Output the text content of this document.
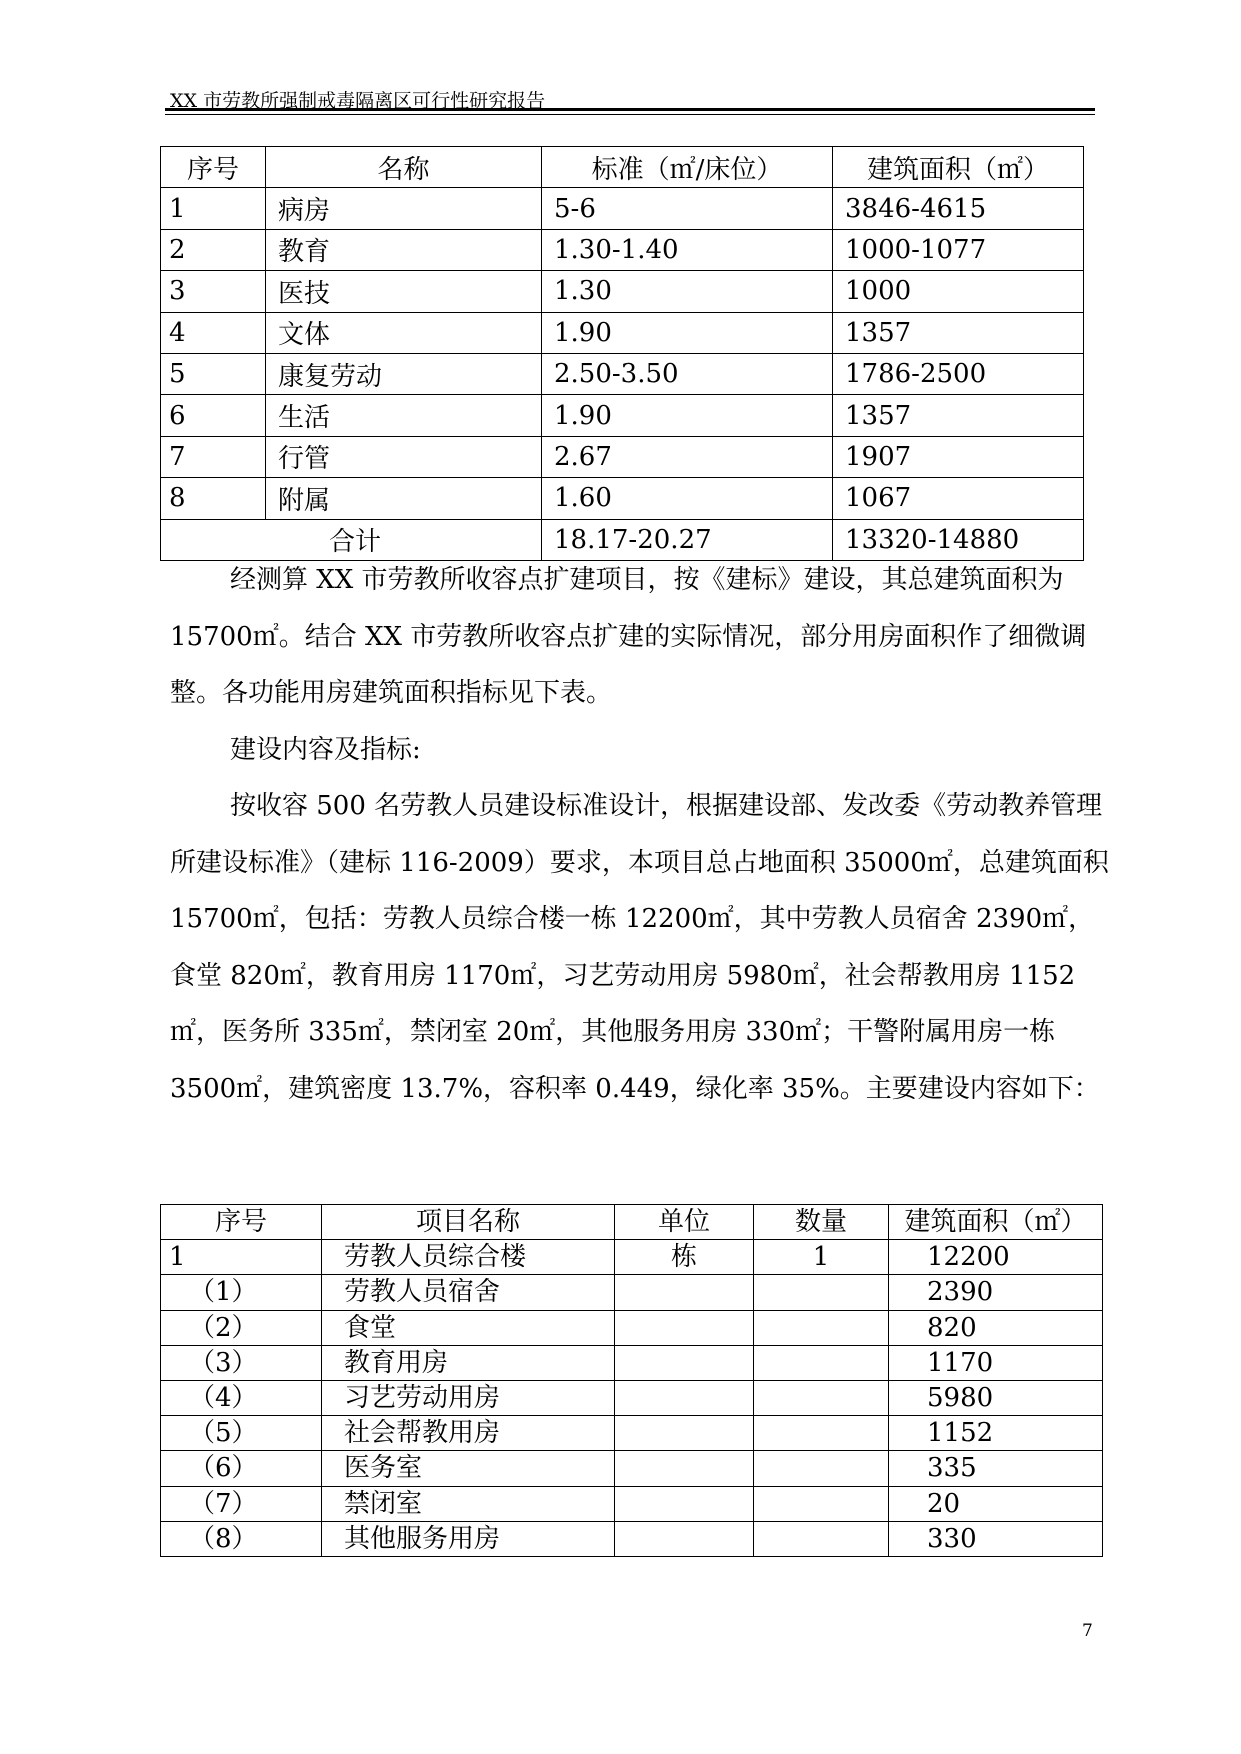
XX 市劳教所强制戒毒隔离区可行性研究报告
序号	名称	标准（㎡/床位）	建筑面积（㎡）
1	病房	5-6	3846-4615
2	教育	1.30-1.40	1000-1077
3	医技	1.30	1000
4	文体	1.90	1357
5	康复劳动	2.50-3.50	1786-2500
6	生活	1.90	1357
7	行管	2.67	1907
8	附属	1.60	1067
合计		18.17-20.27	13320-14880

经测算 XX 市劳教所收容点扩建项目，按《建标》建设，其总建筑面积为 15700㎡。结合 XX 市劳教所收容点扩建的实际情况，部分用房面积作了细微调整。各功能用房建筑面积指标见下表。

建设内容及指标:

按收容 500 名劳教人员建设标准设计，根据建设部、发改委《劳动教养管理所建设标准》（建标 116-2009）要求，本项目总占地面积 35000㎡，总建筑面积 15700㎡，包括：劳教人员综合楼一栋 12200㎡，其中劳教人员宿舍 2390㎡，食堂 820㎡，教育用房 1170㎡，习艺劳动用房 5980㎡，社会帮教用房 1152㎡，医务所 335㎡，禁闭室 20㎡，其他服务用房 330㎡；干警附属用房一栋 3500㎡，建筑密度 13.7%，容积率 0.449，绿化率 35%。主要建设内容如下：

序号	项目名称	单位	数量	建筑面积（㎡）
1	劳教人员综合楼	栋	1	12200
（1）	劳教人员宿舍			2390
（2）	食堂			820
（3）	教育用房			1170
（4）	习艺劳动用房			5980
（5）	社会帮教用房			1152
（6）	医务室			335
（7）	禁闭室			20
（8）	其他服务用房			330
7
